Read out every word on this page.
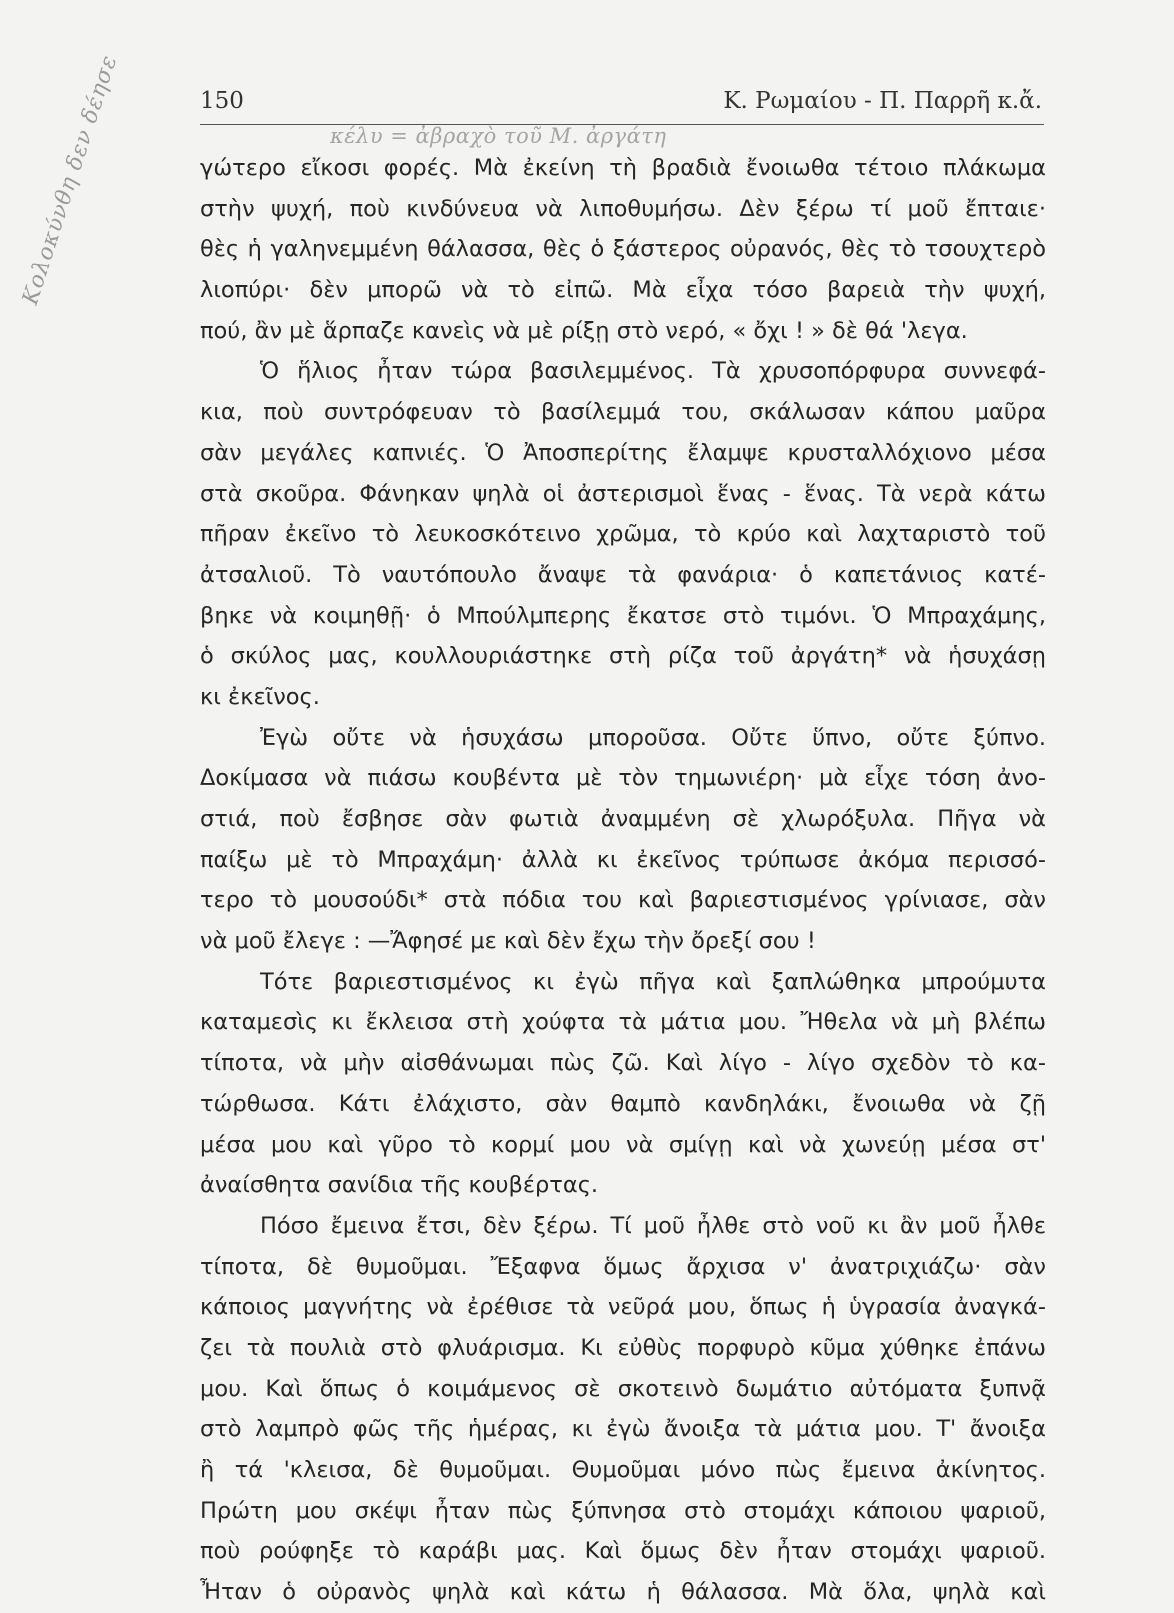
Κολοκύνθη δεν δέησε	150	Κ. Ρωμαίου - Π. Παρρῆ κ.ἄ.
κέλυ = ἀβραχὸ τοῦ Μ. ἀργάτη
γώτερο εἴκοσι φορές. Μὰ ἐκείνη τὴ βραδιὰ ἔνοιωθα τέτοιο πλάκωμα
στὴν ψυχή, ποὺ κινδύνευα νὰ λιποθυμήσω. Δὲν ξέρω τί μοῦ ἔπταιε·
θὲς ἡ γαληνεμμένη θάλασσα, θὲς ὁ ξάστερος οὐρανός, θὲς τὸ τσουχτερὸ
λιοπύρι· δὲν μπορῶ νὰ τὸ εἰπῶ. Μὰ εἶχα τόσο βαρειὰ τὴν ψυχή,
πού, ἂν μὲ ἅρπαζε κανεὶς νὰ μὲ ρίξῃ στὸ νερό, « ὄχι ! » δὲ θά 'λεγα.
Ὁ ἥλιος ἦταν τώρα βασιλεμμένος. Τὰ χρυσοπόρφυρα συννεφά-
κια, ποὺ συντρόφευαν τὸ βασίλεμμά του, σκάλωσαν κάπου μαῦρα
σὰν μεγάλες καπνιές. Ὁ Ἀποσπερίτης ἔλαμψε κρυσταλλόχιονο μέσα
στὰ σκοῦρα. Φάνηκαν ψηλὰ οἱ ἀστερισμοὶ ἕνας - ἕνας. Τὰ νερὰ κάτω
πῆραν ἐκεῖνο τὸ λευκοσκότεινο χρῶμα, τὸ κρύο καὶ λαχταριστὸ τοῦ
ἀτσαλιοῦ. Τὸ ναυτόπουλο ἄναψε τὰ φανάρια· ὁ καπετάνιος κατέ-
βηκε νὰ κοιμηθῇ· ὁ Μπούλμπερης ἔκατσε στὸ τιμόνι. Ὁ Μπραχάμης,
ὁ σκύλος μας, κουλλουριάστηκε στὴ ρίζα τοῦ ἀργάτη* νὰ ἡσυχάσῃ
κι ἐκεῖνος.
Ἐγὼ οὔτε νὰ ἡσυχάσω μποροῦσα. Οὔτε ὕπνο, οὔτε ξύπνο.
Δοκίμασα νὰ πιάσω κουβέντα μὲ τὸν τημωνιέρη· μὰ εἶχε τόση ἀνο-
στιά, ποὺ ἔσβησε σὰν φωτιὰ ἀναμμένη σὲ χλωρόξυλα. Πῆγα νὰ
παίξω μὲ τὸ Μπραχάμη· ἀλλὰ κι ἐκεῖνος τρύπωσε ἀκόμα περισσό-
τερο τὸ μουσούδι* στὰ πόδια του καὶ βαριεστισμένος γρίνιασε, σὰν
νὰ μοῦ ἔλεγε : —Ἄφησέ με καὶ δὲν ἔχω τὴν ὄρεξί σου !
Τότε βαριεστισμένος κι ἐγὼ πῆγα καὶ ξαπλώθηκα μπρούμυτα
καταμεσὶς κι ἔκλεισα στὴ χούφτα τὰ μάτια μου. Ἤθελα νὰ μὴ βλέπω
τίποτα, νὰ μὴν αἰσθάνωμαι πὼς ζῶ. Καὶ λίγο - λίγο σχεδὸν τὸ κα-
τώρθωσα. Κάτι ἐλάχιστο, σὰν θαμπὸ κανδηλάκι, ἔνοιωθα νὰ ζῇ
μέσα μου καὶ γῦρο τὸ κορμί μου νὰ σμίγῃ καὶ νὰ χωνεύῃ μέσα στ'
ἀναίσθητα σανίδια τῆς κουβέρτας.
Πόσο ἔμεινα ἔτσι, δὲν ξέρω. Τί μοῦ ἦλθε στὸ νοῦ κι ἂν μοῦ ἦλθε
τίποτα, δὲ θυμοῦμαι. Ἔξαφνα ὅμως ἄρχισα ν' ἀνατριχιάζω· σὰν
κάποιος μαγνήτης νὰ ἐρέθισε τὰ νεῦρά μου, ὅπως ἡ ὑγρασία ἀναγκά-
ζει τὰ πουλιὰ στὸ φλυάρισμα. Κι εὐθὺς πορφυρὸ κῦμα χύθηκε ἐπάνω
μου. Καὶ ὅπως ὁ κοιμάμενος σὲ σκοτεινὸ δωμάτιο αὐτόματα ξυπνᾷ
στὸ λαμπρὸ φῶς τῆς ἡμέρας, κι ἐγὼ ἄνοιξα τὰ μάτια μου. Τ' ἄνοιξα
ἢ τά 'κλεισα, δὲ θυμοῦμαι. Θυμοῦμαι μόνο πὼς ἔμεινα ἀκίνητος.
Πρώτη μου σκέψι ἦταν πὼς ξύπνησα στὸ στομάχι κάποιου ψαριοῦ,
ποὺ ρούφηξε τὸ καράβι μας. Καὶ ὅμως δὲν ἦταν στομάχι ψαριοῦ.
Ἦταν ὁ οὐρανὸς ψηλὰ καὶ κάτω ἡ θάλασσα. Μὰ ὅλα, ψηλὰ καὶ
